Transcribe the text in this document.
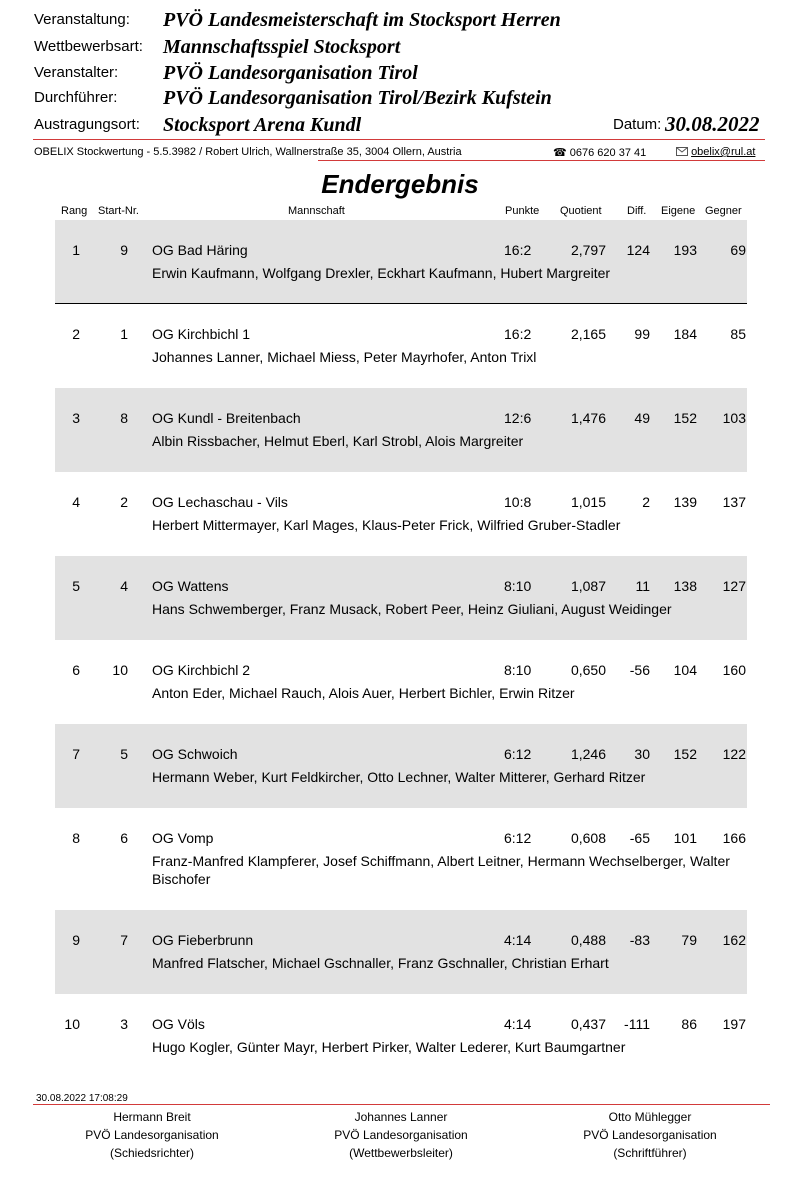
Veranstaltung: PVÖ Landesmeisterschaft im Stocksport Herren
Wettbewerbsart: Mannschaftsspiel Stocksport
Veranstalter: PVÖ Landesorganisation Tirol
Durchführer: PVÖ Landesorganisation Tirol/Bezirk Kufstein
Austragungsort: Stocksport Arena Kundl	Datum: 30.08.2022
OBELIX Stockwertung - 5.5.3982 / Robert Ulrich, Wallnerstraße 35, 3004 Ollern, Austria	☎ 0676 620 37 41	obelix@rul.at
Endergebnis
Rang Start-Nr.	Mannschaft	Punkte Quotient Diff. Eigene Gegner
1	9 OG Bad Häring	16:2	2,797 124 193 69
Erwin Kaufmann, Wolfgang Drexler, Eckhart Kaufmann, Hubert Margreiter
2	1 OG Kirchbichl 1	16:2	2,165 99 184 85
Johannes Lanner, Michael Miess, Peter Mayrhofer, Anton Trixl
3	8 OG Kundl - Breitenbach	12:6	1,476 49 152 103
Albin Rissbacher, Helmut Eberl, Karl Strobl, Alois Margreiter
4	2 OG Lechaschau - Vils	10:8	1,015	2 139 137
Herbert Mittermayer, Karl Mages, Klaus-Peter Frick, Wilfried Gruber-Stadler
5	4 OG Wattens	8:10	1,087 11 138 127
Hans Schwemberger, Franz Musack, Robert Peer, Heinz Giuliani, August Weidinger
6 10 OG Kirchbichl 2	8:10	0,650 -56 104 160
Anton Eder, Michael Rauch, Alois Auer, Herbert Bichler, Erwin Ritzer
7	5 OG Schwoich	6:12	1,246 30 152 122
Hermann Weber, Kurt Feldkircher, Otto Lechner, Walter Mitterer, Gerhard Ritzer
8	6 OG Vomp	6:12	0,608 -65 101 166
Franz-Manfred Klampferer, Josef Schiffmann, Albert Leitner, Hermann Wechselberger, Walter Bischofer
9	7 OG Fieberbrunn	4:14	0,488 -83 79 162
Manfred Flatscher, Michael Gschnaller, Franz Gschnaller, Christian Erhart
10	3 OG Völs	4:14	0,437 -111 86 197
Hugo Kogler, Günter Mayr, Herbert Pirker, Walter Lederer, Kurt Baumgartner
30.08.2022 17:08:29
Hermann Breit
PVÖ Landesorganisation
(Schiedsrichter)
Johannes Lanner
PVÖ Landesorganisation
(Wettbewerbsleiter)
Otto Mühlegger
PVÖ Landesorganisation
(Schriftführer)
